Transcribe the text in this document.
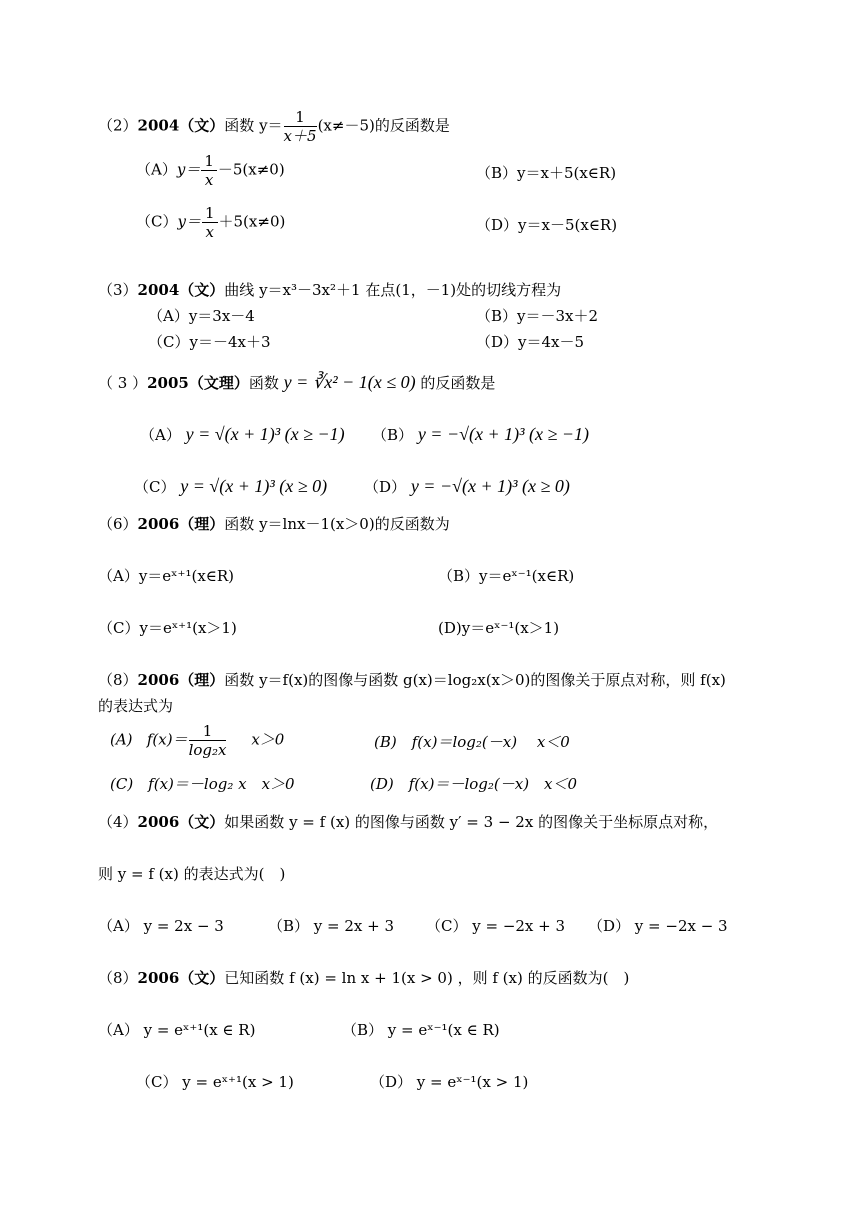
（2）2004（文）函数 $y= \frac{1}{x+5} (x\ne-5)$的反函数是
$(A)y= \frac{1}{x} -5(x\ne 0)$	（B）y＝x＋5(x∈R)
$(C)y= \frac{1}{x} +5(x\ne 0)$	（D）y＝x－5(x∈R)
（3）2004（文）曲线 y＝x³－3x²＋1 在点(1，－1)处的切线方程为
（A）y＝3x－4	（B）y＝－3x＋2
（C）y＝－4x＋3	（D）y＝4x－5
（ 3 ）2005（文理）函数 y = ∛x² − 1(x ≤ 0) 的反函数是
（A） y = √(x + 1)³ (x ≥ −1) （B） y = −√(x + 1)³ (x ≥ −1)
（C） y = √(x + 1)³ (x ≥ 0) （D） y = −√(x + 1)³ (x ≥ 0)
（6）2006（理）函数 y＝lnx－1(x＞0)的反函数为
（A）y＝eˣ⁺¹(x∈R)	（B）y＝eˣ⁻¹(x∈R)
（C）y＝eˣ⁺¹(x＞1)	(D)y＝eˣ⁻¹(x＞1)
（8）2006（理）函数 y＝f(x)的图像与函数 g(x)＝log₂x(x＞0)的图像关于原点对称，则 f(x)
的表达式为
(A) $f(x)= \frac{1}{\text{log₂x}} x>0$	(B)　f(x)＝log₂(－x)　 x＜0
(C)　f(x)＝－log₂ x　x＞0	(D)　f(x)＝－log₂(－x)　x＜0
（4）2006（文）如果函数 y = f (x) 的图像与函数 y′ = 3 − 2x 的图像关于坐标原点对称，
则 y = f (x) 的表达式为(　)
（A） y = 2x − 3	（B） y = 2x + 3 （C） y = −2x + 3 （D） y = −2x − 3
（8）2006（文）已知函数 f (x) = ln x + 1(x > 0) ，则 f (x) 的反函数为(　)
（A） y = eˣ⁺¹(x ∈ R)	（B） y = eˣ⁻¹(x ∈ R)
（C） y = eˣ⁺¹(x > 1)	（D） y = eˣ⁻¹(x > 1)
